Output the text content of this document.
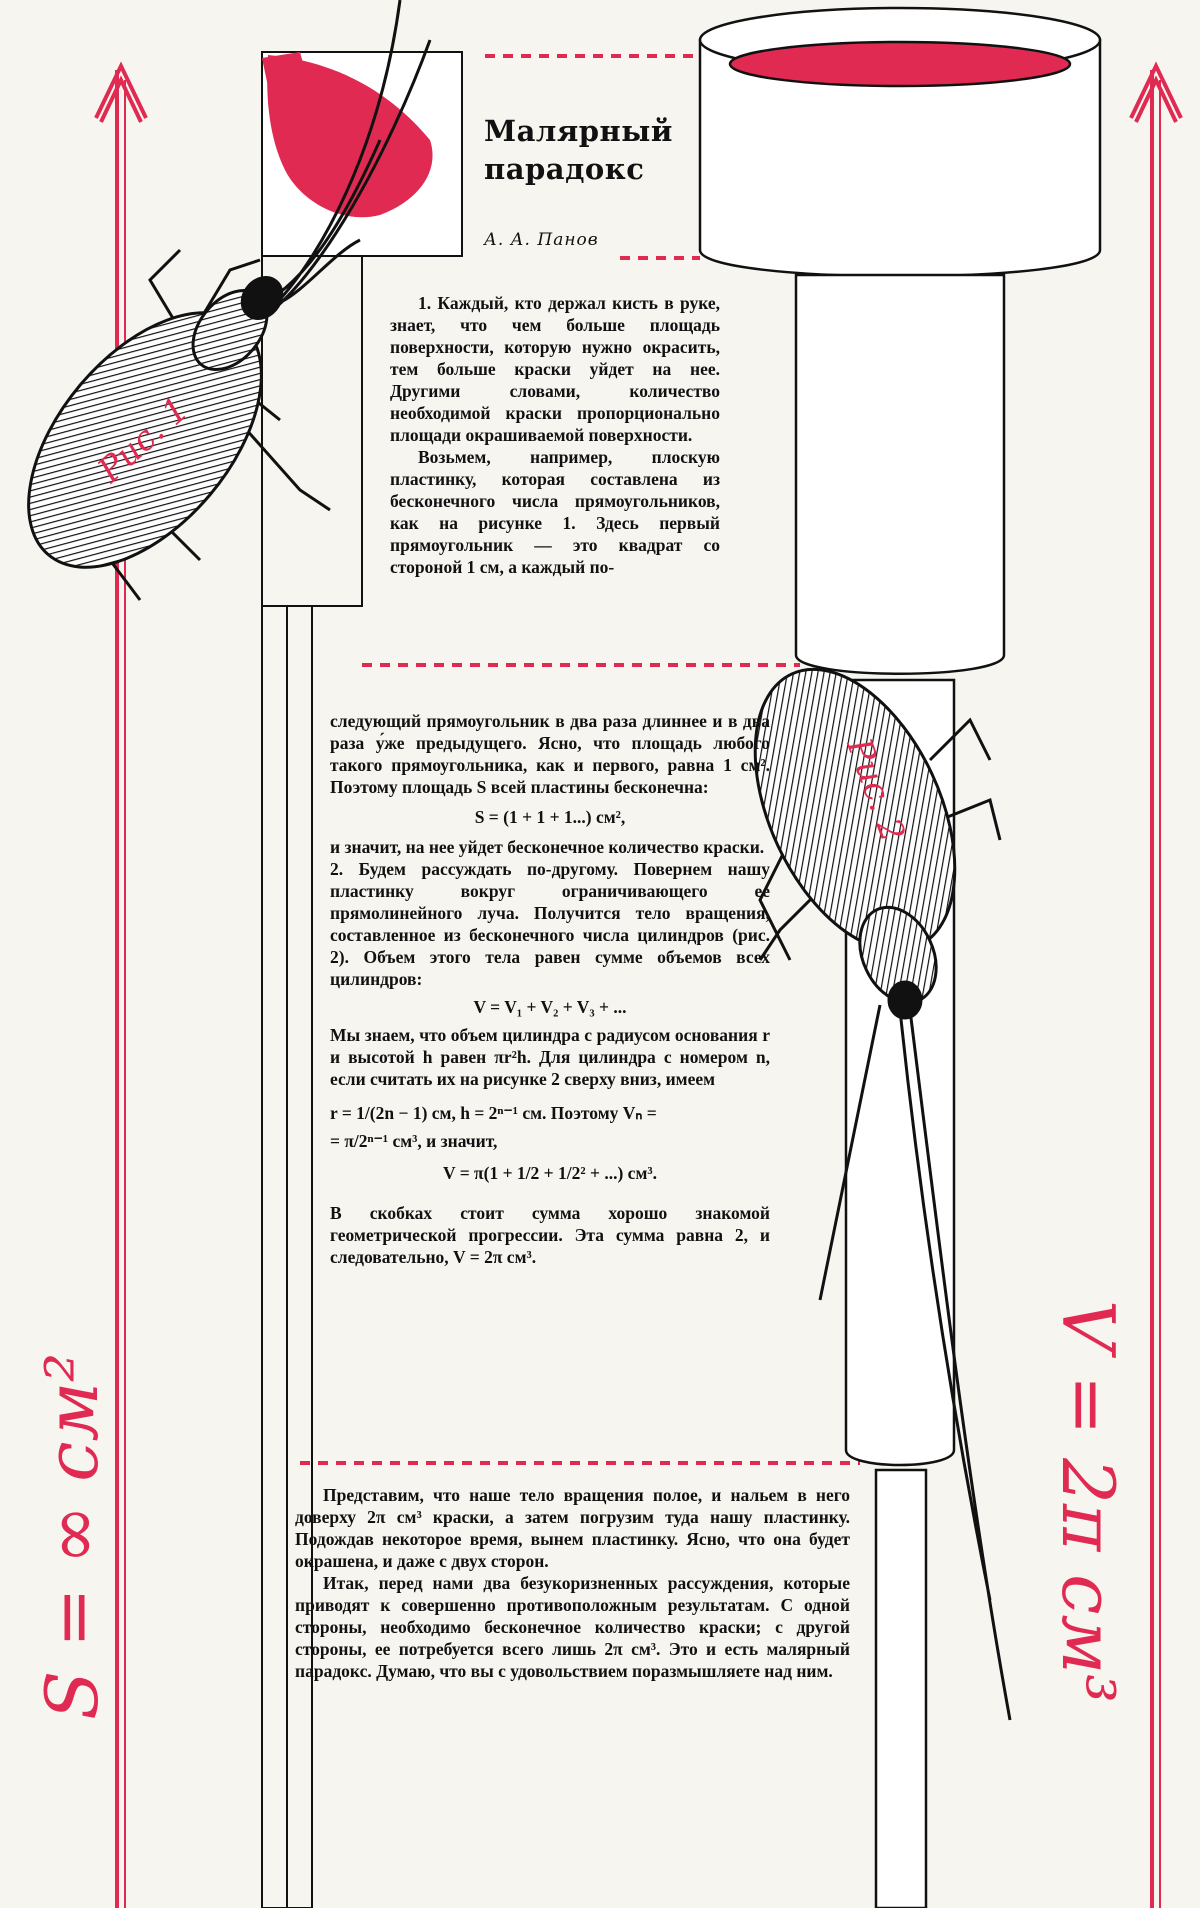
Рис. 1
Рис. 2
S = ∞ см²	V = 2π см³
Малярный
парадокс
А. А. Панов

1. Каждый, кто держал кисть в руке, знает, что чем больше площадь поверхности, которую нужно окрасить, тем больше краски уйдет на нее. Другими словами, количество необходимой краски пропорционально площади окрашиваемой поверхности.

Возьмем, например, плоскую пластинку, которая составлена из бесконечного числа прямоугольников, как на рисунке 1. Здесь первый прямоугольник — это квадрат со стороной 1 см, а каждый по-

следующий прямоугольник в два раза длиннее и в два раза у́же предыдущего. Ясно, что площадь любого такого прямоугольника, как и первого, равна 1 см². Поэтому площадь S всей пластины бесконечна:

S = (1 + 1 + 1...) см²,

и значит, на нее уйдет бесконечное количество краски.

2. Будем рассуждать по-другому. Повернем нашу пластинку вокруг ограничивающего ее прямолинейного луча. Получится тело вращения, составленное из бесконечного числа цилиндров (рис. 2). Объем этого тела равен сумме объемов всех цилиндров:

V = V₁ + V₂ + V₃ + ...

Мы знаем, что объем цилиндра с радиусом основания r и высотой h равен πr²h. Для цилиндра с номером n, если считать их на рисунке 2 сверху вниз, имеем

r = 1/(2n − 1) см, h = 2ⁿ⁻¹ см. Поэтому Vₙ =

= π/2ⁿ⁻¹ см³, и значит,

V = π(1 + 1/2 + 1/2² + ...) см³.

В скобках стоит сумма хорошо знакомой геометрической прогрессии. Эта сумма равна 2, и следовательно, V = 2π см³.

Представим, что наше тело вращения полое, и нальем в него доверху 2π см³ краски, а затем погрузим туда нашу пластинку. Подождав некоторое время, вынем пластинку. Ясно, что она будет окрашена, и даже с двух сторон.

Итак, перед нами два безукоризненных рассуждения, которые приводят к совершенно противоположным результатам. С одной стороны, необходимо бесконечное количество краски; с другой стороны, ее потребуется всего лишь 2π см³. Это и есть малярный парадокс. Думаю, что вы с удовольствием поразмышляете над ним.
